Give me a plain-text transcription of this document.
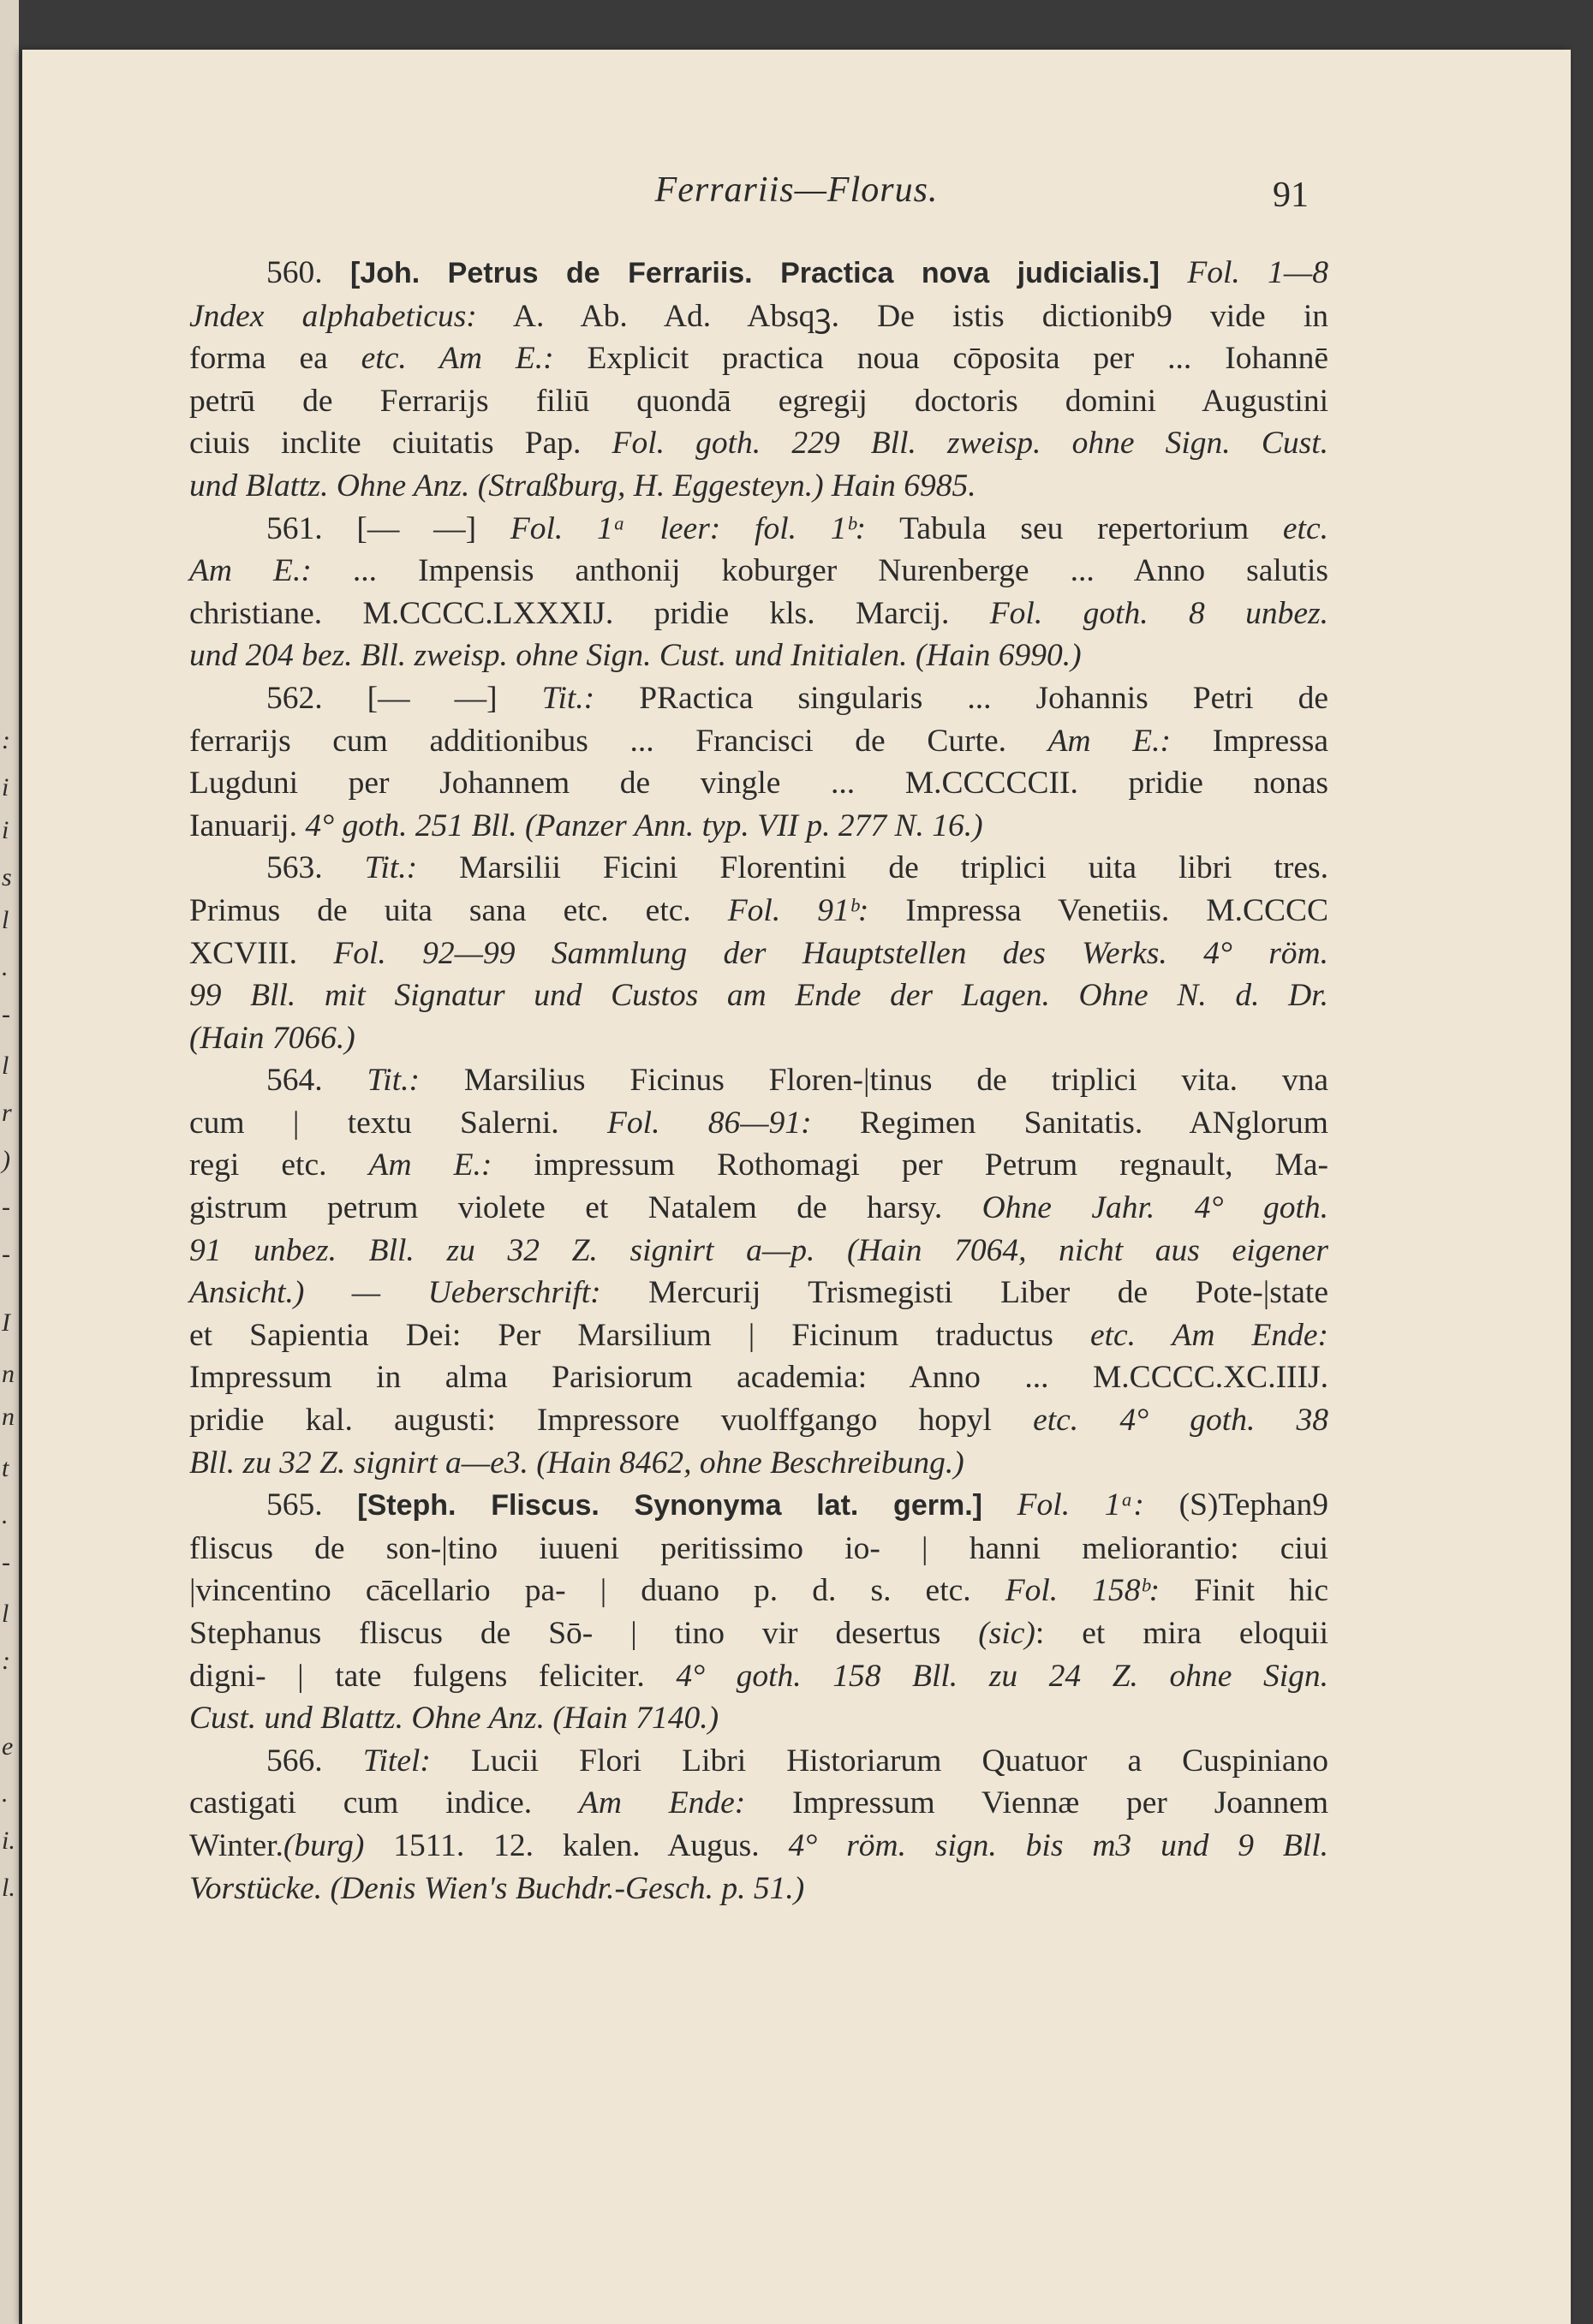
:
i
i
s
l
.
-
l
r
)
-
-
I
n
n
t
.
-
l
:
e
.
i.
l.
Ferrariis—Florus.	91
560. [Joh. Petrus de Ferrariis. Practica nova judicialis.] Fol. 1—8
Jndex alphabeticus: A. Ab. Ad. Absqꝫ. De istis dictionib9 vide in
forma ea etc. Am E.: Explicit practica noua cōposita per ... Iohannē
petrū de Ferrarijs filiū quondā egregij doctoris domini Augustini
ciuis inclite ciuitatis Pap. Fol. goth. 229 Bll. zweisp. ohne Sign. Cust.
und Blattz. Ohne Anz. (Straßburg, H. Eggesteyn.) Hain 6985.
561. [— —] Fol. 1ᵃ leer: fol. 1ᵇ: Tabula seu repertorium etc.
Am E.: ... Impensis anthonij koburger Nurenberge ... Anno salutis
christiane. M.CCCC.LXXXIJ. pridie kls. Marcij. Fol. goth. 8 unbez.
und 204 bez. Bll. zweisp. ohne Sign. Cust. und Initialen. (Hain 6990.)
562. [— —] Tit.: PRactica singularis ... Johannis Petri de
ferrarijs cum additionibus ... Francisci de Curte. Am E.: Impressa
Lugduni per Johannem de vingle ... M.CCCCCII. pridie nonas
Ianuarij. 4° goth. 251 Bll. (Panzer Ann. typ. VII p. 277 N. 16.)
563. Tit.: Marsilii Ficini Florentini de triplici uita libri tres.
Primus de uita sana etc. etc. Fol. 91ᵇ: Impressa Venetiis. M.CCCC
XCVIII. Fol. 92—99 Sammlung der Hauptstellen des Werks. 4° röm.
99 Bll. mit Signatur und Custos am Ende der Lagen. Ohne N. d. Dr.
(Hain 7066.)
564. Tit.: Marsilius Ficinus Floren-|tinus de triplici vita. vna
cum | textu Salerni. Fol. 86—91: Regimen Sanitatis. ANglorum
regi etc. Am E.: impressum Rothomagi per Petrum regnault, Ma-
gistrum petrum violete et Natalem de harsy. Ohne Jahr. 4° goth.
91 unbez. Bll. zu 32 Z. signirt a—p. (Hain 7064, nicht aus eigener
Ansicht.) — Ueberschrift: Mercurij Trismegisti Liber de Pote-|state
et Sapientia Dei: Per Marsilium | Ficinum traductus etc. Am Ende:
Impressum in alma Parisiorum academia: Anno ... M.CCCC.XC.IIIJ.
pridie kal. augusti: Impressore vuolffgango hopyl etc. 4° goth. 38
Bll. zu 32 Z. signirt a—e3. (Hain 8462, ohne Beschreibung.)
565. [Steph. Fliscus. Synonyma lat. germ.] Fol. 1ᵃ: (S)Tephan9
fliscus de son-|tino iuueni peritissimo io- | hanni meliorantio: ciui
|vincentino cācellario pa- | duano p. d. s. etc. Fol. 158ᵇ: Finit hic
Stephanus fliscus de Sō- | tino vir desertus (sic): et mira eloquii
digni- | tate fulgens feliciter. 4° goth. 158 Bll. zu 24 Z. ohne Sign.
Cust. und Blattz. Ohne Anz. (Hain 7140.)
566. Titel: Lucii Flori Libri Historiarum Quatuor a Cuspiniano
castigati cum indice. Am Ende: Impressum Viennæ per Joannem
Winter.(burg) 1511. 12. kalen. Augus. 4° röm. sign. bis m3 und 9 Bll.
Vorstücke. (Denis Wien's Buchdr.-Gesch. p. 51.)
